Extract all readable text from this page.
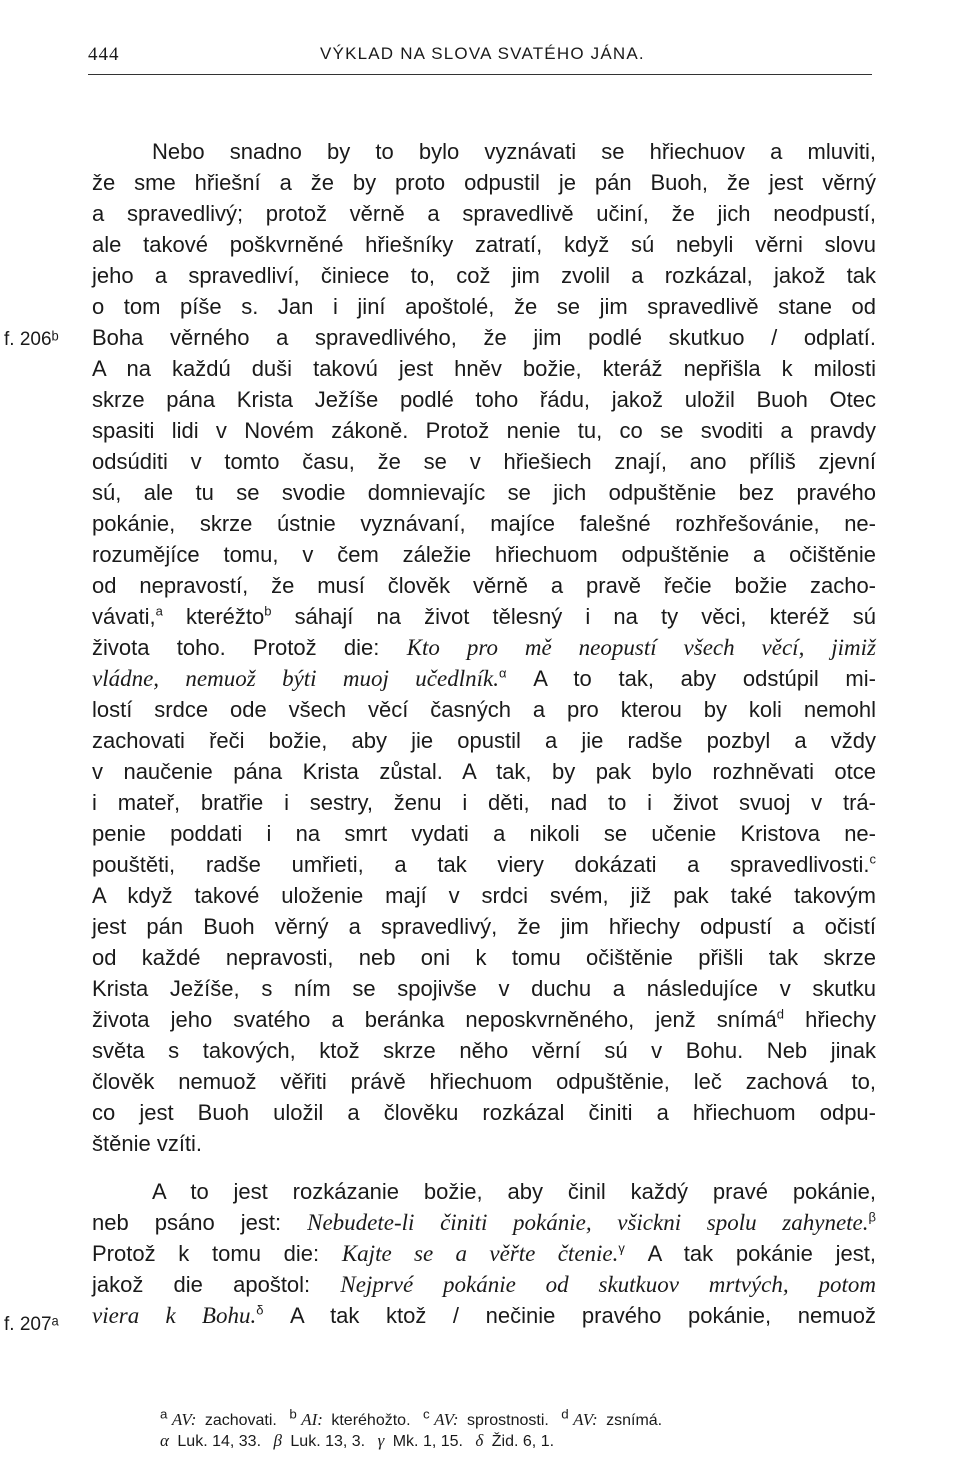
444	VÝKLAD NA SLOVA SVATÉHO JÁNA.
f. 206ᵇ
f. 207ᵃ
Nebo snadno by to bylo vyznávati se hřiechuov a mluviti,
že sme hřiešní a že by proto odpustil je pán Buoh, že jest věrný
a spravedlivý; protož věrně a spravedlivě učiní, že jich neodpustí,
ale takové poškvrněné hřiešníky zatratí, když sú nebyli věrni slovu
jeho a spravedliví, činiece to, což jim zvolil a rozkázal, jakož tak
o tom píše s. Jan i jiní apoštolé, že se jim spravedlivě stane od
Boha věrného a spravedlivého, že jim podlé skutkuo / odplatí.
A na každú duši takovú jest hněv božie, kteráž nepřišla k milosti
skrze pána Krista Ježíše podlé toho řádu, jakož uložil Buoh Otec
spasiti lidi v Novém zákoně. Protož nenie tu, co se svoditi a pravdy
odsúditi v tomto času, že se v hřiešiech znají, ano příliš zjevní
sú, ale tu se svodie domnievajíc se jich odpuštěnie bez pravého
pokánie, skrze ústnie vyznávaní, majíce falešné rozhřešovánie, ne-
rozumějíce tomu, v čem záležie hřiechuom odpuštěnie a očištěnie
od nepravostí, že musí člověk věrně a pravě řečie božie zacho-
vávati,$^a$ kteréžto$^b$ sáhají na život tělesný i na ty věci, kteréž sú
života toho. Protož die: Kto pro mě neopustí všech věcí, jimiž
vládne, nemuož býti muoj učedlník.$^\alpha$ A to tak, aby odstúpil mi-
lostí srdce ode všech věcí časných a pro kterou by koli nemohl
zachovati řeči božie, aby jie opustil a jie radše pozbyl a vždy
v naučenie pána Krista zůstal. A tak, by pak bylo rozhněvati otce
i mateř, bratřie i sestry, ženu i děti, nad to i život svuoj v trá-
penie poddati i na smrt vydati a nikoli se učenie Kristova ne-
pouštěti, radše umřieti, a tak viery dokázati a spravedlivosti.$^c$
A když takové uloženie mají v srdci svém, již pak také takovým
jest pán Buoh věrný a spravedlivý, že jim hřiechy odpustí a očistí
od každé nepravosti, neb oni k tomu očištěnie přišli tak skrze
Krista Ježíše, s ním se spojivše v duchu a následujíce v skutku
života jeho svatého a beránka neposkvrněného, jenž snímá$^d$ hřiechy
světa s takových, ktož skrze něho věrní sú v Bohu. Neb jinak
člověk nemuož věřiti právě hřiechuom odpuštěnie, leč zachová to,
co jest Buoh uložil a člověku rozkázal činiti a hřiechuom odpu-
štěnie vzíti.
A to jest rozkázanie božie, aby činil každý pravé pokánie,
neb psáno jest: Nebudete-li činiti pokánie, všickni spolu zahynete.$^\beta$
Protož k tomu die: Kajte se a věřte čtenie.$^\gamma$ A tak pokánie jest,
jakož die apoštol: Nejprvé pokánie od skutkuov mrtvých, potom
viera k Bohu.$^\delta$ A tak ktož / nečinie pravého pokánie, nemuož
$^a$ AV: zachovati. $^b$ AI: kteréhožto. $^c$ AV: sprostnosti. $^d$ AV: zsnímá.
α Luk. 14, 33. β Luk. 13, 3. γ Mk. 1, 15. δ Žid. 6, 1.
